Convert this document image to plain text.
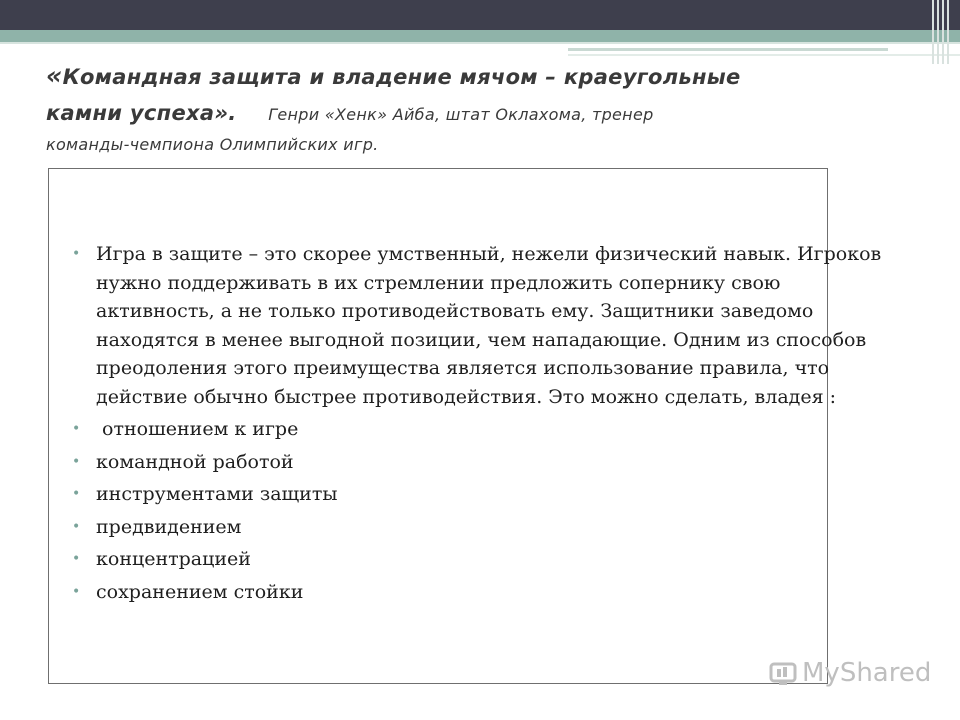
«Командная защита и владение мячом – краеугольные
камни успеха». Генри «Хенк» Айба, штат Оклахома, тренер
команды-чемпиона Олимпийских игр.
• Игра в защите – это скорее умственный, нежели физический навык. Игроков нужно поддерживать в их стремлении предложить сопернику свою активность, а не только противодействовать ему. Защитники заведомо находятся в менее выгодной позиции, чем нападающие. Одним из способов преодоления этого преимущества является использование правила, что действие обычно быстрее противодействия. Это можно сделать, владея :
• отношением к игре
• командной работой
• инструментами защиты
• предвидением
• концентрацией
• сохранением стойки
MyShared
